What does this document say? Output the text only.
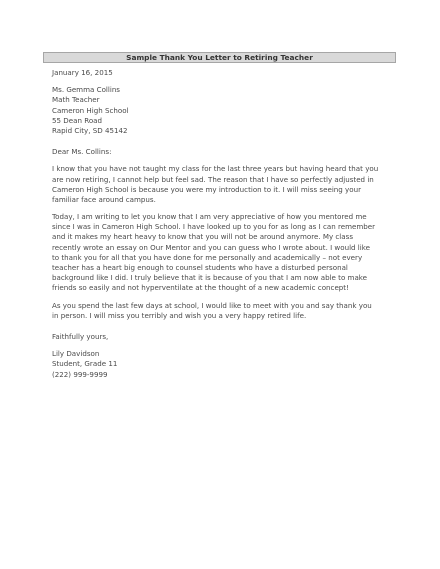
Sample Thank You Letter to Retiring Teacher
January 16, 2015
Ms. Gemma Collins
Math Teacher
Cameron High School
55 Dean Road
Rapid City, SD 45142
Dear Ms. Collins:
I know that you have not taught my class for the last three years but having heard that you
are now retiring, I cannot help but feel sad. The reason that I have so perfectly adjusted in
Cameron High School is because you were my introduction to it. I will miss seeing your
familiar face around campus.
Today, I am writing to let you know that I am very appreciative of how you mentored me
since I was in Cameron High School. I have looked up to you for as long as I can remember
and it makes my heart heavy to know that you will not be around anymore. My class
recently wrote an essay on Our Mentor and you can guess who I wrote about. I would like
to thank you for all that you have done for me personally and academically – not every
teacher has a heart big enough to counsel students who have a disturbed personal
background like I did. I truly believe that it is because of you that I am now able to make
friends so easily and not hyperventilate at the thought of a new academic concept!
As you spend the last few days at school, I would like to meet with you and say thank you
in person. I will miss you terribly and wish you a very happy retired life.
Faithfully yours,
Lily Davidson
Student, Grade 11
(222) 999-9999
